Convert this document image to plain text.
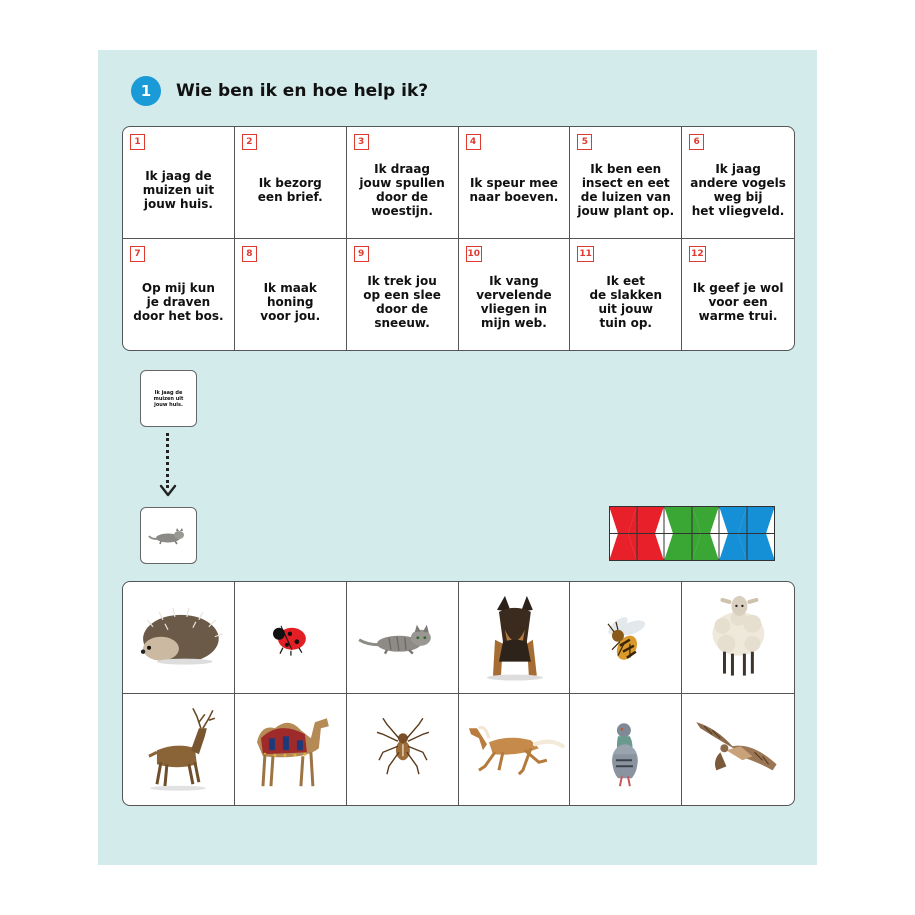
1	Wie ben ik en hoe help ik?
1
Ik jaag de
muizen uit
jouw huis.
2
Ik bezorg
een brief.
3
Ik draag
jouw spullen
door de
woestijn.
4
Ik speur mee
naar boeven.
5
Ik ben een
insect en eet
de luizen van
jouw plant op.
6
Ik jaag
andere vogels
weg bij
het vliegveld.
7
Op mij kun
je draven
door het bos.
8
Ik maak
honing
voor jou.
9
Ik trek jou
op een slee
door de
sneeuw.
10
Ik vang
vervelende
vliegen in
mijn web.
11
Ik eet
de slakken
uit jouw
tuin op.
12
Ik geef je wol
voor een
warme trui.
Ik jaag de
muizen uit
jouw huis.
